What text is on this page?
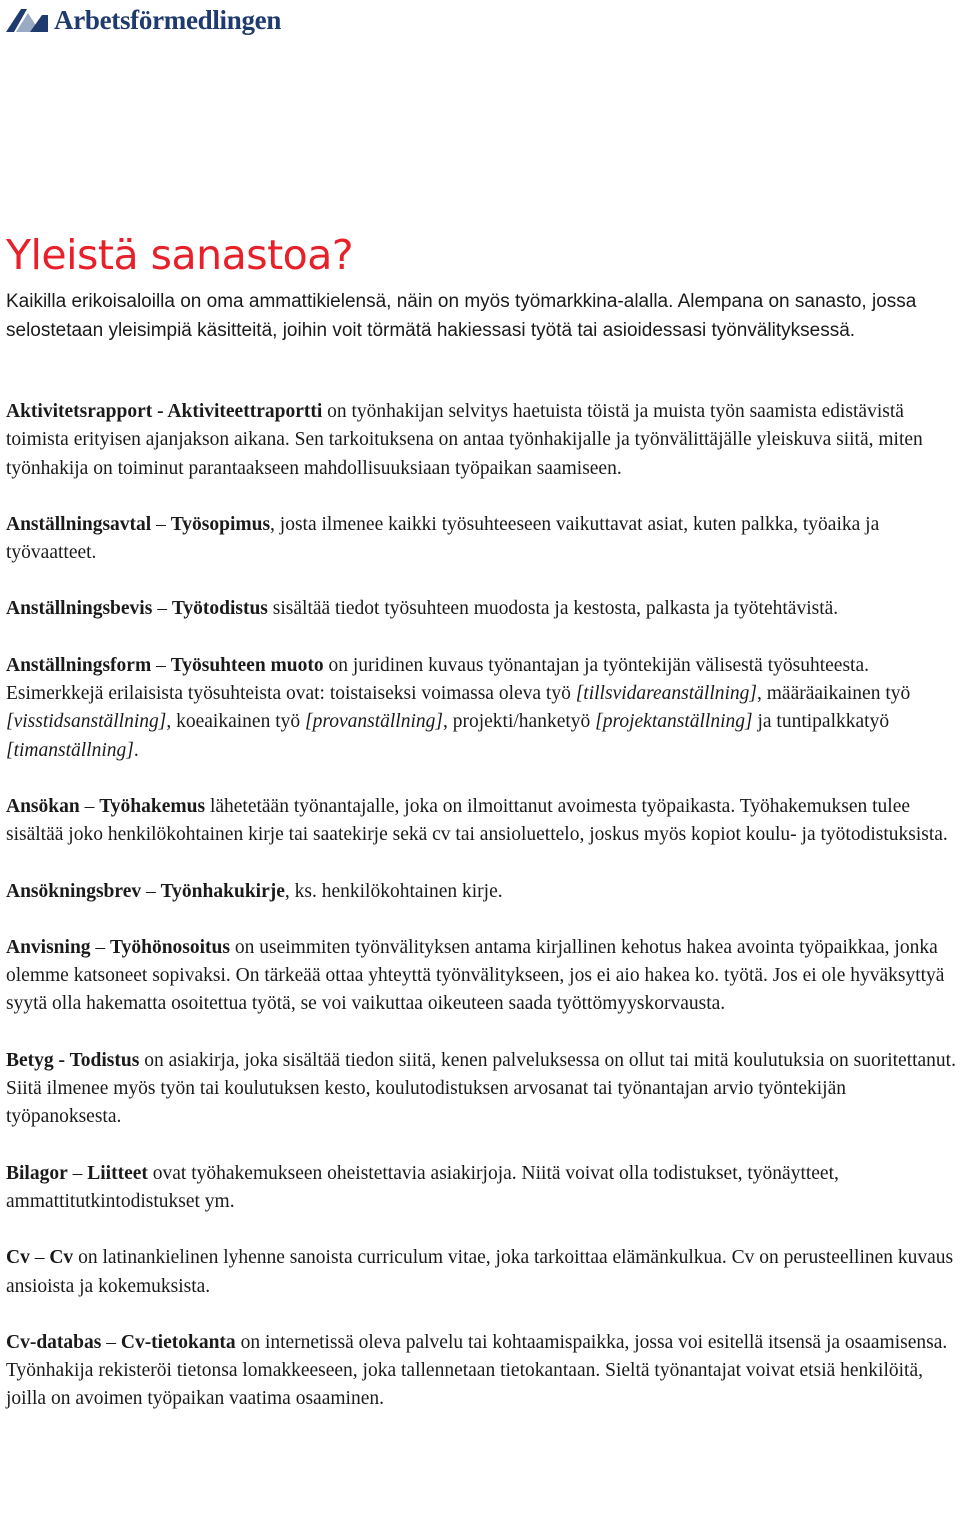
Arbetsförmedlingen
Yleistä sanastoa?

Kaikilla erikoisaloilla on oma ammattikielensä, näin on myös työmarkkina-alalla. Alempana on sanasto, jossa selostetaan yleisimpiä käsitteitä, joihin voit törmätä hakiessasi työtä tai asioidessasi työnvälityksessä.

Aktivitetsrapport - Aktiviteettraportti on työnhakijan selvitys haetuista töistä ja muista työn saamista edistävistä toimista erityisen ajanjakson aikana. Sen tarkoituksena on antaa työnhakijalle ja työnvälittäjälle yleiskuva siitä, miten työnhakija on toiminut parantaakseen mahdollisuuksiaan työpaikan saamiseen.

Anställningsavtal – Työsopimus, josta ilmenee kaikki työsuhteeseen vaikuttavat asiat, kuten palkka, työaika ja työvaatteet.

Anställningsbevis – Työtodistus sisältää tiedot työsuhteen muodosta ja kestosta, palkasta ja työtehtävistä.

Anställningsform – Työsuhteen muoto on juridinen kuvaus työnantajan ja työntekijän välisestä työsuhteesta. Esimerkkejä erilaisista työsuhteista ovat: toistaiseksi voimassa oleva työ [tillsvidareanställning], määräaikainen työ [visstidsanställning], koeaikainen työ [provanställning], projekti/hanketyö [projektanställning] ja tuntipalkkatyö [timanställning].

Ansökan – Työhakemus lähetetään työnantajalle, joka on ilmoittanut avoimesta työpaikasta. Työhakemuksen tulee sisältää joko henkilökohtainen kirje tai saatekirje sekä cv tai ansioluettelo, joskus myös kopiot koulu- ja työtodistuksista.

Ansökningsbrev – Työnhakukirje, ks. henkilökohtainen kirje.

Anvisning – Työhönosoitus on useimmiten työnvälityksen antama kirjallinen kehotus hakea avointa työpaikkaa, jonka olemme katsoneet sopivaksi. On tärkeää ottaa yhteyttä työnvälitykseen, jos ei aio hakea ko. työtä. Jos ei ole hyväksyttyä syytä olla hakematta osoitettua työtä, se voi vaikuttaa oikeuteen saada työttömyyskorvausta.

Betyg - Todistus on asiakirja, joka sisältää tiedon siitä, kenen palveluksessa on ollut tai mitä koulutuksia on suoritettanut. Siitä ilmenee myös työn tai koulutuksen kesto, koulutodistuksen arvosanat tai työnantajan arvio työntekijän työpanoksesta.

Bilagor – Liitteet ovat työhakemukseen oheistettavia asiakirjoja. Niitä voivat olla todistukset, työnäytteet, ammattitutkintodistukset ym.

Cv – Cv on latinankielinen lyhenne sanoista curriculum vitae, joka tarkoittaa elämänkulkua. Cv on perusteellinen kuvaus ansioista ja kokemuksista.

Cv-databas – Cv-tietokanta on internetissä oleva palvelu tai kohtaamispaikka, jossa voi esitellä itsensä ja osaamisensa. Työnhakija rekisteröi tietonsa lomakkeeseen, joka tallennetaan tietokantaan. Sieltä työnantajat voivat etsiä henkilöitä, joilla on avoimen työpaikan vaatima osaaminen.
